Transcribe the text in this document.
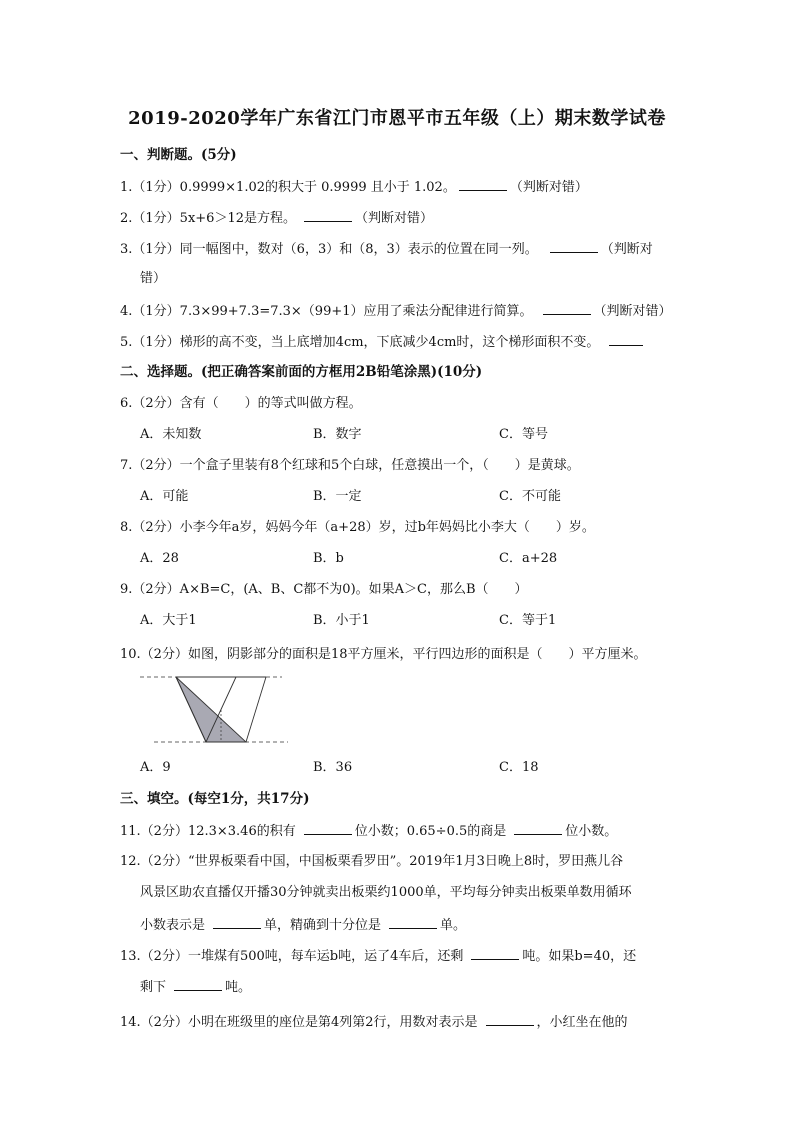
2019-2020学年广东省江门市恩平市五年级（上）期末数学试卷
一、判断题。(5分)
1.（1分）0.9999×1.02的积大于 0.9999 且小于 1.02。	（判断对错）
2.（1分）5x+6＞12是方程。	（判断对错）
3.（1分）同一幅图中，数对（6，3）和（8，3）表示的位置在同一列。	（判断对
错）
4.（1分）7.3×99+7.3=7.3×（99+1）应用了乘法分配律进行简算。	（判断对错）
5.（1分）梯形的高不变，当上底增加4cm，下底减少4cm时，这个梯形面积不变。
二、选择题。(把正确答案前面的方框用2B铅笔涂黑)(10分)
6.（2分）含有（　　）的等式叫做方程。
A．未知数	B．数字	C．等号
7.（2分）一个盒子里装有8个红球和5个白球，任意摸出一个，（　　）是黄球。
A．可能	B．一定	C．不可能
8.（2分）小李今年a岁，妈妈今年（a+28）岁，过b年妈妈比小李大（　　）岁。
A．28	B．b	C．a+28
9.（2分）A×B=C，(A、B、C都不为0)。如果A＞C，那么B（　　）
A．大于1	B．小于1	C．等于1
10.（2分）如图，阴影部分的面积是18平方厘米，平行四边形的面积是（　　）平方厘米。
A．9	B．36	C．18
三、填空。(每空1分，共17分)
11.（2分）12.3×3.46的积有	位小数；0.65÷0.5的商是	位小数。
12.（2分）“世界板栗看中国，中国板栗看罗田”。2019年1月3日晚上8时，罗田燕儿谷
风景区助农直播仅开播30分钟就卖出板栗约1000单，平均每分钟卖出板栗单数用循环
小数表示是	单，精确到十分位是	单。
13.（2分）一堆煤有500吨，每车运b吨，运了4车后，还剩	吨。如果b=40，还
剩下	吨。
14.（2分）小明在班级里的座位是第4列第2行，用数对表示是	，小红坐在他的
